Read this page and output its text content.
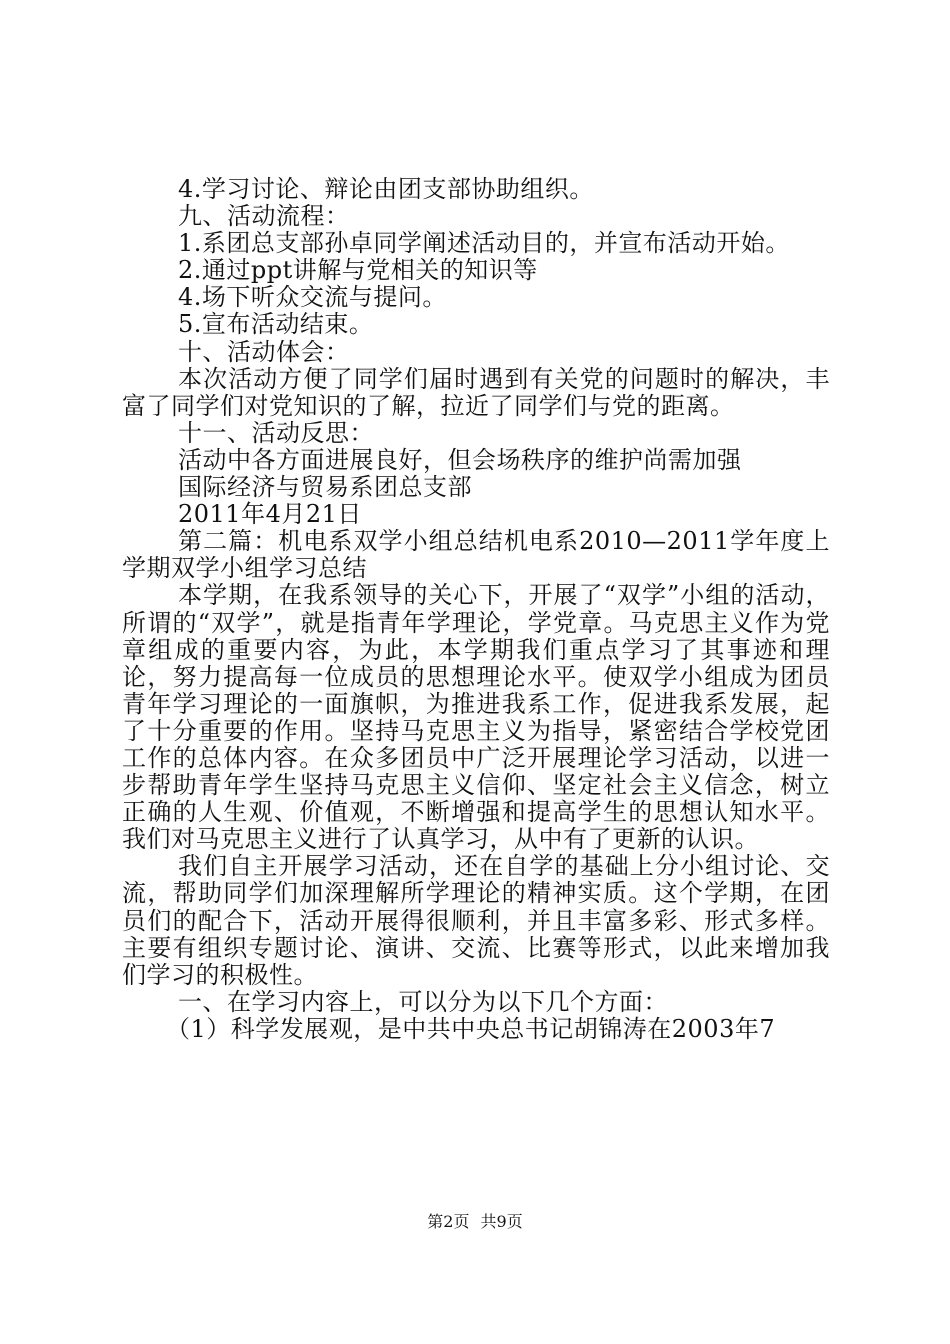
4.学习讨论、辩论由团支部协助组织。
九、活动流程：
1.系团总支部孙卓同学阐述活动目的，并宣布活动开始。
2.通过ppt讲解与党相关的知识等
4.场下听众交流与提问。
5.宣布活动结束。
十、活动体会：
本次活动方便了同学们届时遇到有关党的问题时的解决，丰富了同学们对党知识的了解，拉近了同学们与党的距离。
十一、活动反思：
活动中各方面进展良好，但会场秩序的维护尚需加强
国际经济与贸易系团总支部
2011年4月21日
第二篇：机电系双学小组总结机电系2010—2011学年度上学期双学小组学习总结
本学期，在我系领导的关心下，开展了“双学”小组的活动，所谓的“双学”，就是指青年学理论，学党章。马克思主义作为党章组成的重要内容，为此，本学期我们重点学习了其事迹和理论，努力提高每一位成员的思想理论水平。使双学小组成为团员青年学习理论的一面旗帜，为推进我系工作，促进我系发展，起了十分重要的作用。坚持马克思主义为指导，紧密结合学校党团工作的总体内容。在众多团员中广泛开展理论学习活动，以进一步帮助青年学生坚持马克思主义信仰、坚定社会主义信念，树立正确的人生观、价值观，不断增强和提高学生的思想认知水平。我们对马克思主义进行了认真学习，从中有了更新的认识。
我们自主开展学习活动，还在自学的基础上分小组讨论、交流，帮助同学们加深理解所学理论的精神实质。这个学期，在团员们的配合下，活动开展得很顺利，并且丰富多彩、形式多样。主要有组织专题讨论、演讲、交流、比赛等形式，以此来增加我们学习的积极性。
一、在学习内容上，可以分为以下几个方面：
（1）科学发展观，是中共中央总书记胡锦涛在2003年7
第2页 共9页
